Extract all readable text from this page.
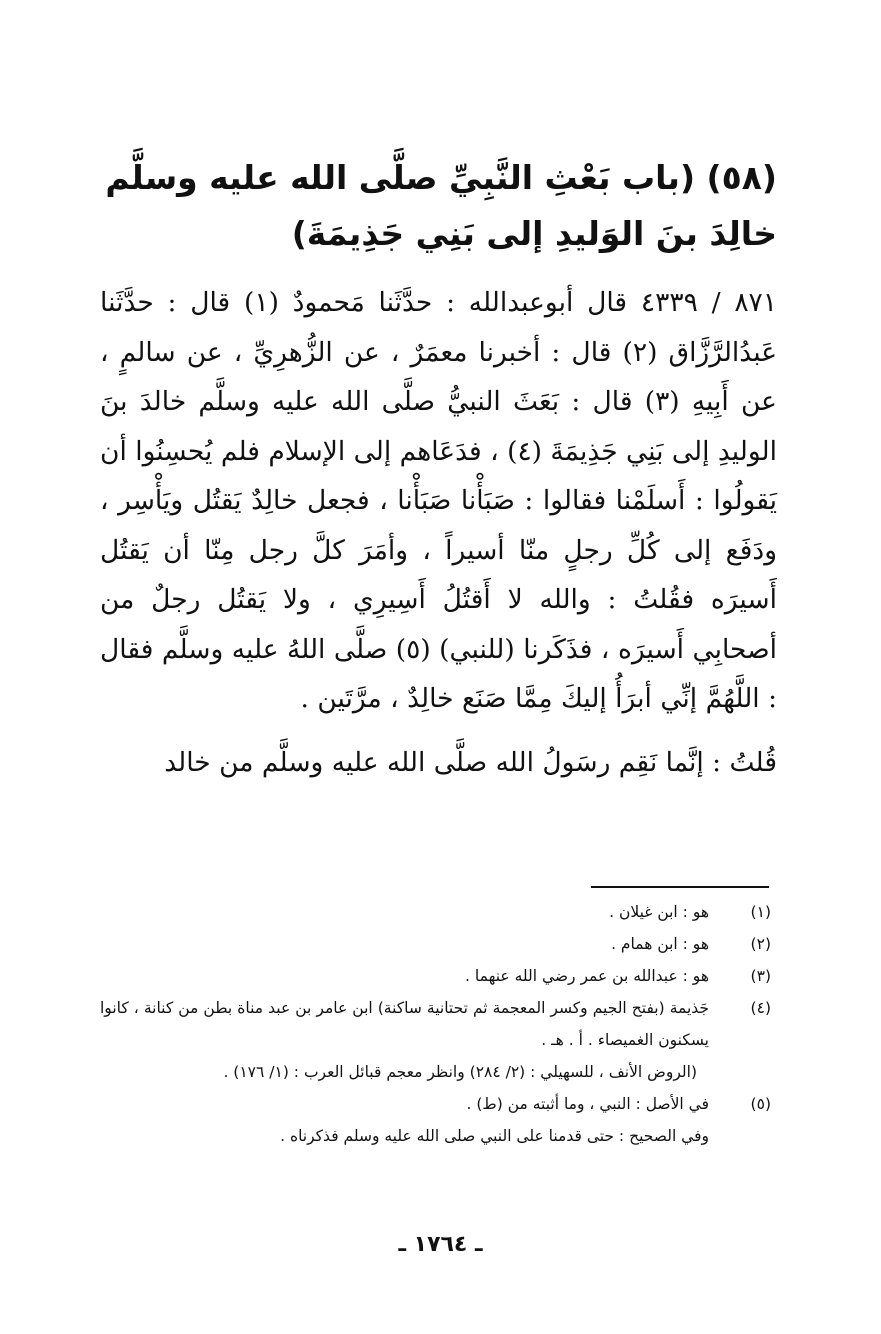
(٥٨) (باب بَعْثِ النَّبِيِّ صلَّى الله عليه وسلَّم
خالِدَ بنَ الوَليدِ إلى بَنِي جَذِيمَةَ)

٨٧١ / ٤٣٣٩ قال أبوعبدالله : حدَّثَنا مَحمودٌ (١) قال : حدَّثَنا عَبدُالرَّزَّاق (٢) قال : أخبرنا معمَرٌ ، عن الزُّهرِيِّ ، عن سالمٍ ، عن أَبِيهِ (٣) قال : بَعَثَ النبيُّ صلَّى الله عليه وسلَّم خالدَ بنَ الوليدِ إلى بَنِي جَذِيمَةَ (٤) ، فدَعَاهم إلى الإسلام فلم يُحسِنُوا أن يَقولُوا : أَسلَمْنا فقالوا : صَبَأْنا صَبَأْنا ، فجعل خالِدٌ يَقتُل ويَأْسِر ، ودَفَع إلى كُلِّ رجلٍ منّا أسيراً ، وأمَرَ كلَّ رجل مِنّا أن يَقتُل أَسيرَه فقُلتُ : والله لا أَقتُلُ أَسِيرِي ، ولا يَقتُل رجلٌ من أصحابِي أَسيرَه ، فذَكَرنا (للنبي) (٥) صلَّى اللهُ عليه وسلَّم فقال : اللَّهُمَّ إنِّي أبرَأُ إليكَ مِمَّا صَنَع خالِدٌ ، مرَّتَين .

قُلتُ : إنَّما نَقِم رسَولُ الله صلَّى الله عليه وسلَّم من خالد

(١)
هو : ابن غيلان .
(٢)
هو : ابن همام .
(٣)
هو : عبدالله بن عمر رضي الله عنهما .
(٤)
جَذيمة (بفتح الجيم وكسر المعجمة ثم تحتانية ساكنة) ابن عامر بن عبد مناة بطن من كنانة ، كانوا يسكنون الغميصاء . أ . هـ .
(الروض الأنف ، للسهيلي : (٢/ ٢٨٤) وانظر معجم قبائل العرب : (١/ ١٧٦) .
(٥)
في الأصل : النبي ، وما أثبته من (ط) .
وفي الصحيح : حتى قدمنا على النبي صلى الله عليه وسلم فذكرناه .
ـ ١٧٦٤ ـ
